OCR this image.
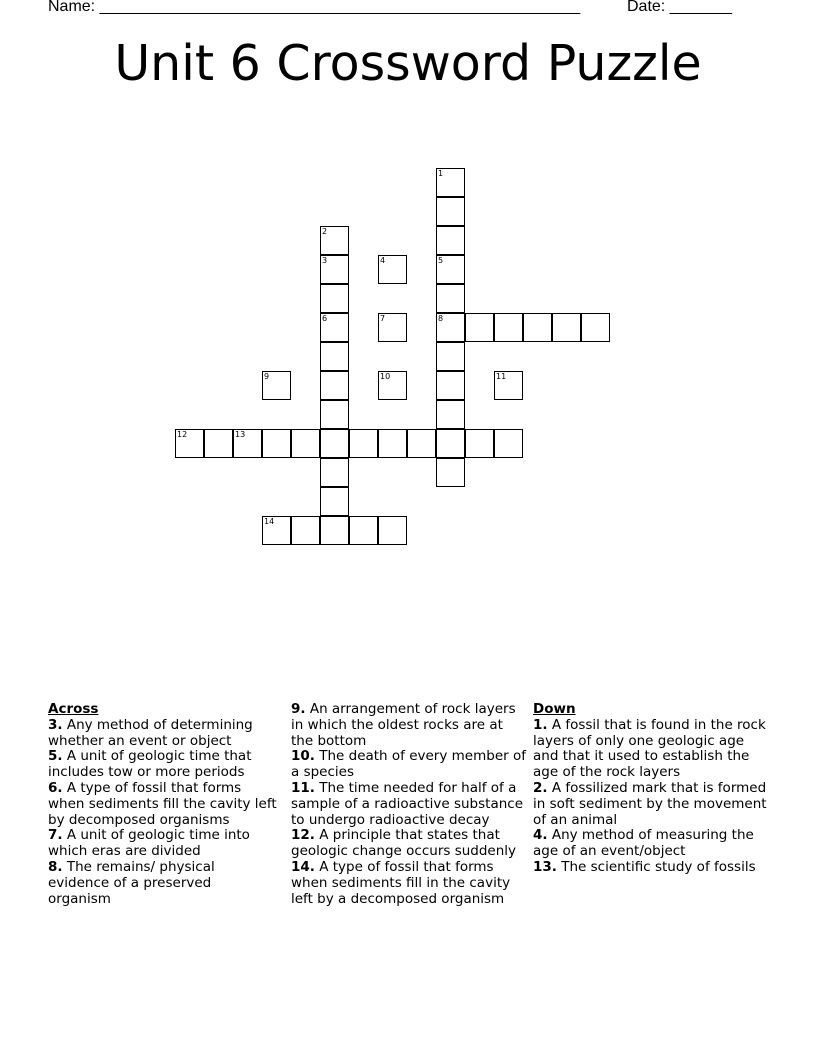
Name: ______________________________________________________	Date: _______
Unit 6 Crossword Puzzle
1
2
3	4	5
6	7	8
9	10	11
12	13
14
Across
3. Any method of determining whether an event or object
5. A unit of geologic time that includes tow or more periods
6. A type of fossil that forms when sediments fill the cavity left by decomposed organisms
7. A unit of geologic time into which eras are divided
8. The remains/ physical evidence of a preserved organism
9. An arrangement of rock layers in which the oldest rocks are at the bottom
10. The death of every member of a species
11. The time needed for half of a sample of a radioactive substance to undergo radioactive decay
12. A principle that states that geologic change occurs suddenly
14. A type of fossil that forms when sediments fill in the cavity left by a decomposed organism
Down
1. A fossil that is found in the rock layers of only one geologic age and that it used to establish the age of the rock layers
2. A fossilized mark that is formed in soft sediment by the movement of an animal
4. Any method of measuring the age of an event/object
13. The scientific study of fossils
